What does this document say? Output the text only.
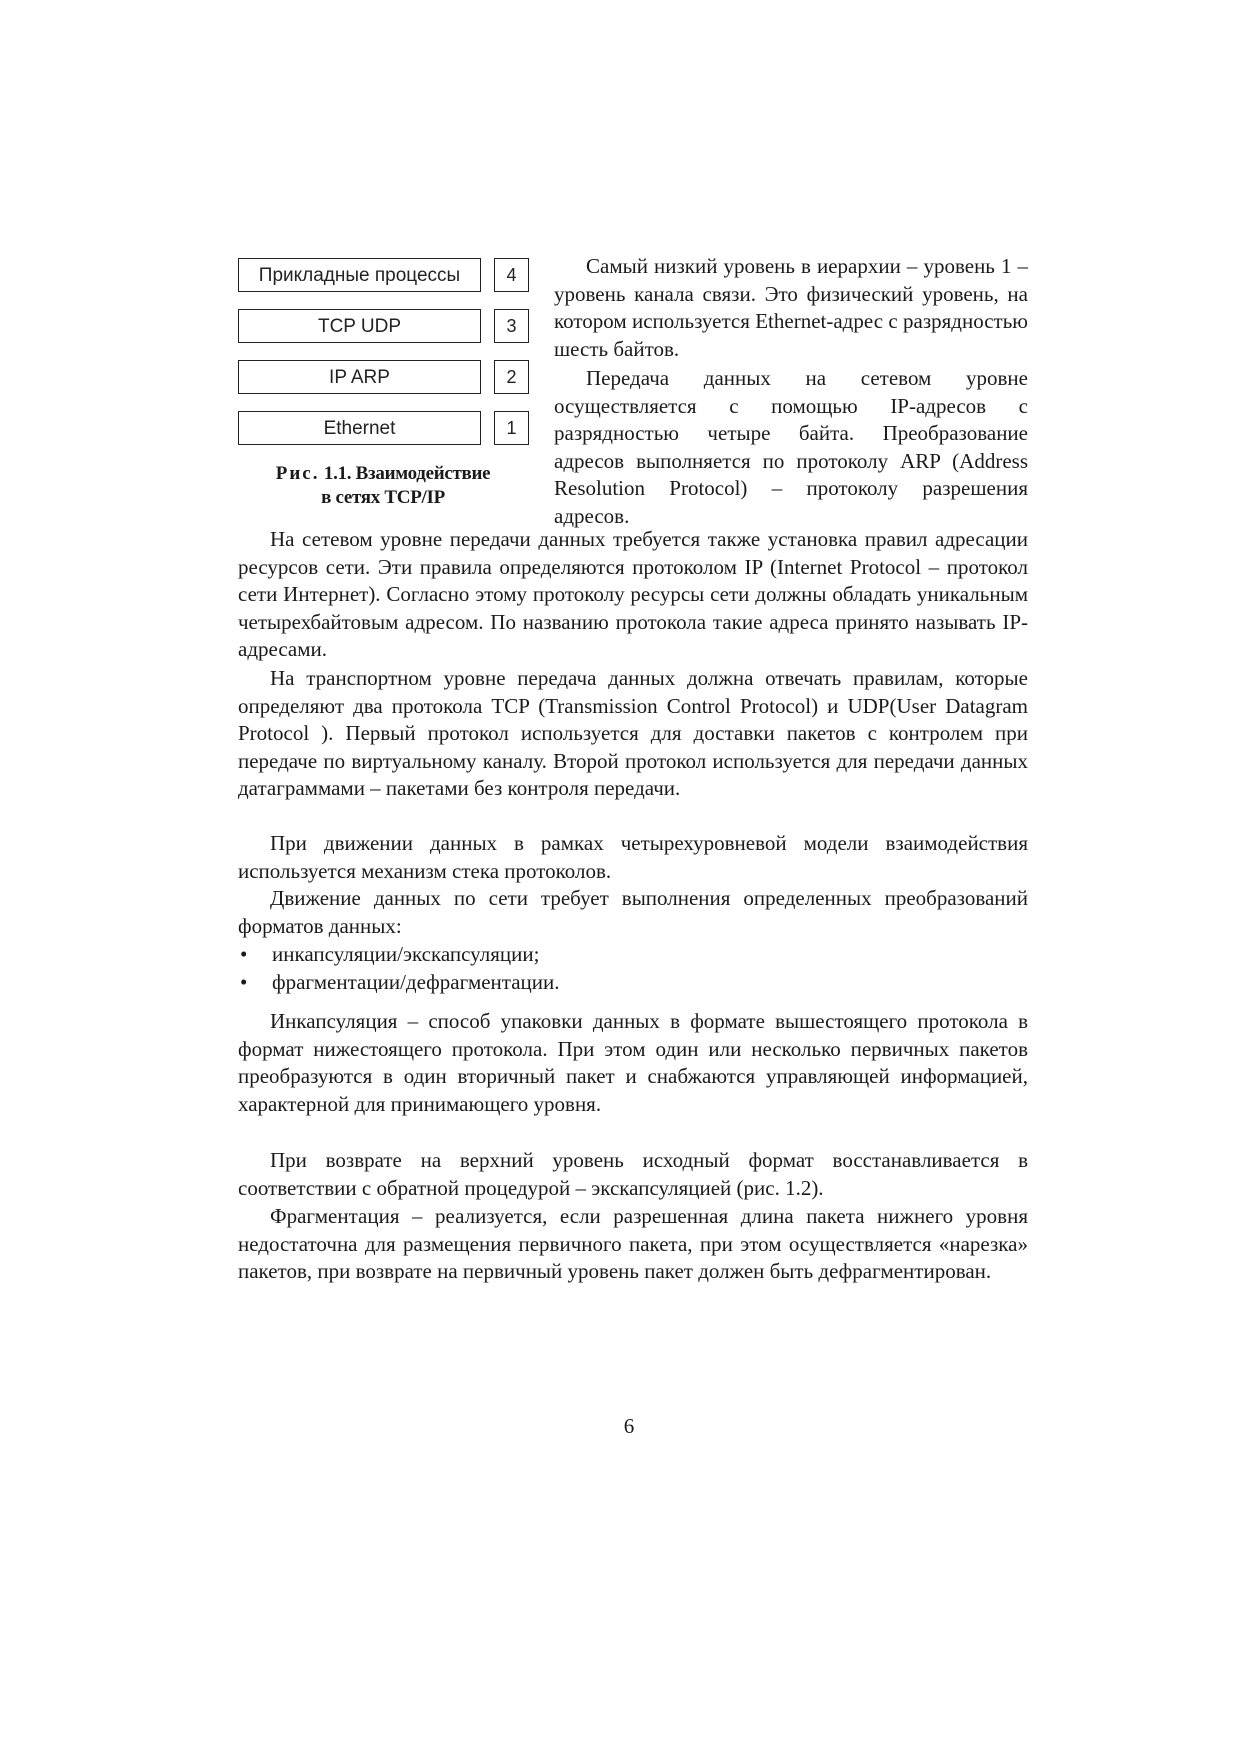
Прикладные процессы	4
TCP UDP	3
IP ARP	2
Ethernet	1
Рис. 1.1. Взаимодействие
в сетях TCP/IP

Самый низкий уровень в иерархии – уровень 1 – уровень канала связи. Это физический уровень, на котором используется Ethernet-адрес с разрядностью шесть байтов.

Передача данных на сетевом уровне осуществляется с помощью IP-адресов с разрядностью четыре байта. Преобразование адресов выполняется по протоколу ARP (Address Resolution Protocol) – протоколу разрешения адресов.

На сетевом уровне передачи данных требуется также установка правил адресации ресурсов сети. Эти правила определяются протоколом IP (Internet Protocol – протокол сети Интернет). Согласно этому протоколу ресурсы сети должны обладать уникальным четырехбайтовым адресом. По названию протокола такие адреса принято называть IP-адресами.

На транспортном уровне передача данных должна отвечать правилам, которые определяют два протокола TCP (Transmission Control Protocol) и UDP(User Datagram Protocol ). Первый протокол используется для доставки пакетов с контролем при передаче по виртуальному каналу. Второй протокол используется для передачи данных датаграммами – пакетами без контроля передачи.

При движении данных в рамках четырехуровневой модели взаимодействия используется механизм стека протоколов.

Движение данных по сети требует выполнения определенных преобразований форматов данных:

• инкапсуляции/экскапсуляции;
• фрагментации/дефрагментации.

Инкапсуляция – способ упаковки данных в формате вышестоящего протокола в формат нижестоящего протокола. При этом один или несколько первичных пакетов преобразуются в один вторичный пакет и снабжаются управляющей информацией, характерной для принимающего уровня.

При возврате на верхний уровень исходный формат восстанавливается в соответствии с обратной процедурой – экскапсуляцией (рис. 1.2).

Фрагментация – реализуется, если разрешенная длина пакета нижнего уровня недостаточна для размещения первичного пакета, при этом осуществляется «нарезка» пакетов, при возврате на первичный уровень пакет должен быть дефрагментирован.

6
